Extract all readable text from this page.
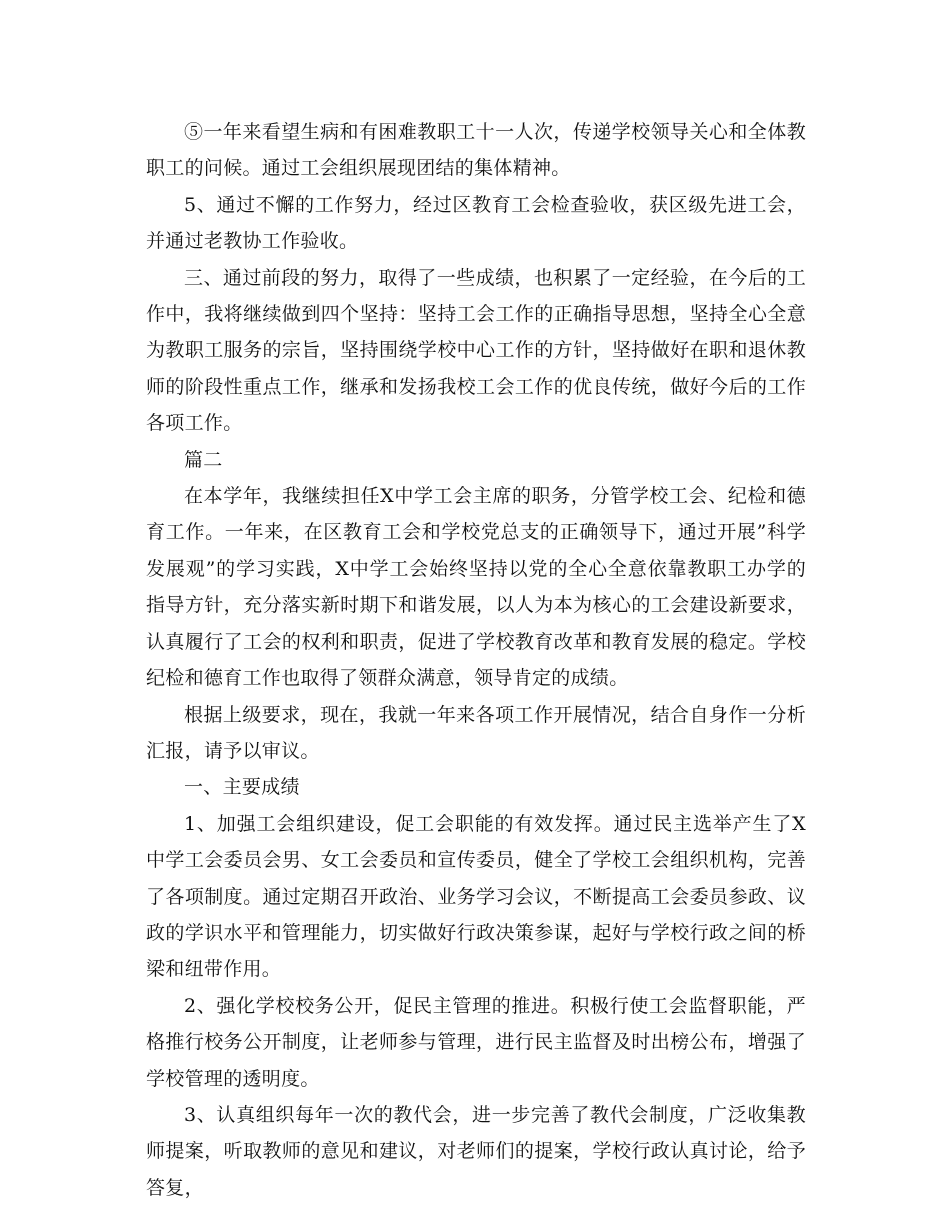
⑤一年来看望生病和有困难教职工十一人次，传递学校领导关心和全体教职工的问候。通过工会组织展现团结的集体精神。

5、通过不懈的工作努力，经过区教育工会检查验收，获区级先进工会，并通过老教协工作验收。

三、通过前段的努力，取得了一些成绩，也积累了一定经验，在今后的工作中，我将继续做到四个坚持：坚持工会工作的正确指导思想，坚持全心全意为教职工服务的宗旨，坚持围绕学校中心工作的方针，坚持做好在职和退休教师的阶段性重点工作，继承和发扬我校工会工作的优良传统，做好今后的工作各项工作。

篇二

在本学年，我继续担任X中学工会主席的职务，分管学校工会、纪检和德育工作。一年来，在区教育工会和学校党总支的正确领导下，通过开展”科学发展观”的学习实践，X中学工会始终坚持以党的全心全意依靠教职工办学的指导方针，充分落实新时期下和谐发展，以人为本为核心的工会建设新要求，认真履行了工会的权利和职责，促进了学校教育改革和教育发展的稳定。学校纪检和德育工作也取得了领群众满意，领导肯定的成绩。

根据上级要求，现在，我就一年来各项工作开展情况，结合自身作一分析汇报，请予以审议。

一、主要成绩

1、加强工会组织建设，促工会职能的有效发挥。通过民主选举产生了X中学工会委员会男、女工会委员和宣传委员，健全了学校工会组织机构，完善了各项制度。通过定期召开政治、业务学习会议，不断提高工会委员参政、议政的学识水平和管理能力，切实做好行政决策参谋，起好与学校行政之间的桥梁和纽带作用。

2、强化学校校务公开，促民主管理的推进。积极行使工会监督职能，严格推行校务公开制度，让老师参与管理，进行民主监督及时出榜公布，增强了学校管理的透明度。

3、认真组织每年一次的教代会，进一步完善了教代会制度，广泛收集教师提案，听取教师的意见和建议，对老师们的提案，学校行政认真讨论，给予答复，
